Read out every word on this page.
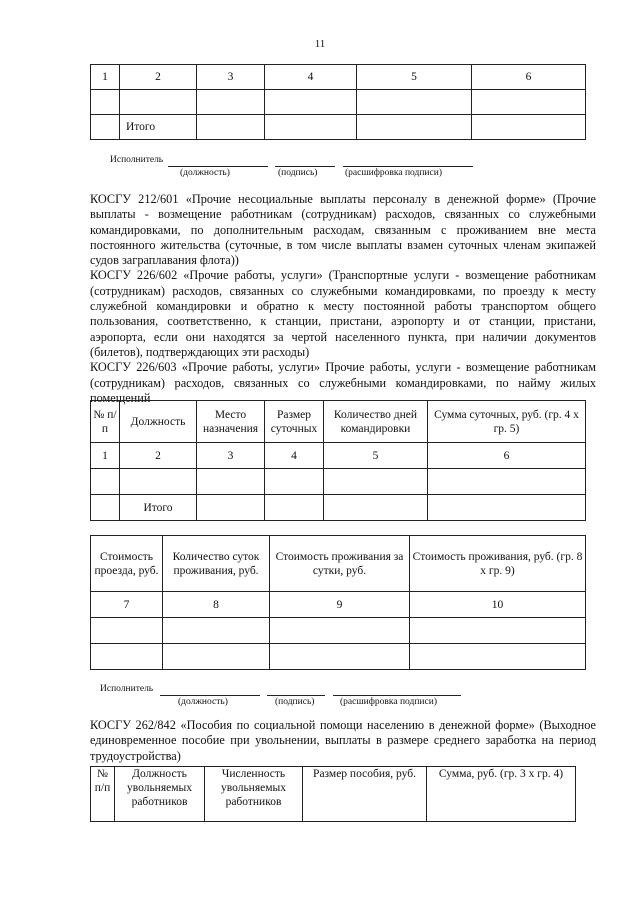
11
1	2	3	4	5	6

	Итого				
Исполнитель
(должность)	(подпись)	(расшифровка подписи)

КОСГУ 212/601 «Прочие несоциальные выплаты персоналу в денежной форме» (Прочие выплаты - возмещение работникам (сотрудникам) расходов, связанных со служебными командировками, по дополнительным расходам, связанным с проживанием вне места постоянного жительства (суточные, в том числе выплаты взамен суточных членам экипажей судов заграплавания флота))

КОСГУ 226/602 «Прочие работы, услуги» (Транспортные услуги - возмещение работникам (сотрудникам) расходов, связанных со служебными командировками, по проезду к месту служебной командировки и обратно к месту постоянной работы транспортом общего пользования, соответственно, к станции, пристани, аэропорту и от станции, пристани, аэропорта, если они находятся за чертой населенного пункта, при наличии документов (билетов), подтверждающих эти расходы)

КОСГУ 226/603 «Прочие работы, услуги» Прочие работы, услуги - возмещение работникам (сотрудникам) расходов, связанных со служебными командировками, по найму жилых помещений

№ п/п	Должность	Место назначения	Размер суточных	Количество дней командировки	Сумма суточных, руб. (гр. 4 х гр. 5)
1	2	3	4	5	6

	Итого				
Стоимость проезда, руб.	Количество суток проживания, руб.	Стоимость проживания за сутки, руб.	Стоимость проживания, руб. (гр. 8 х гр. 9)
7	8	9	10

Исполнитель
(должность)	(подпись)	(расшифровка подписи)

КОСГУ 262/842 «Пособия по социальной помощи населению в денежной форме» (Выходное единовременное пособие при увольнении, выплаты в размере среднего заработка на период трудоустройства)

№ п/п	Должность увольняемых работников	Численность увольняемых работников	Размер пособия, руб.	Сумма, руб. (гр. 3 х гр. 4)
